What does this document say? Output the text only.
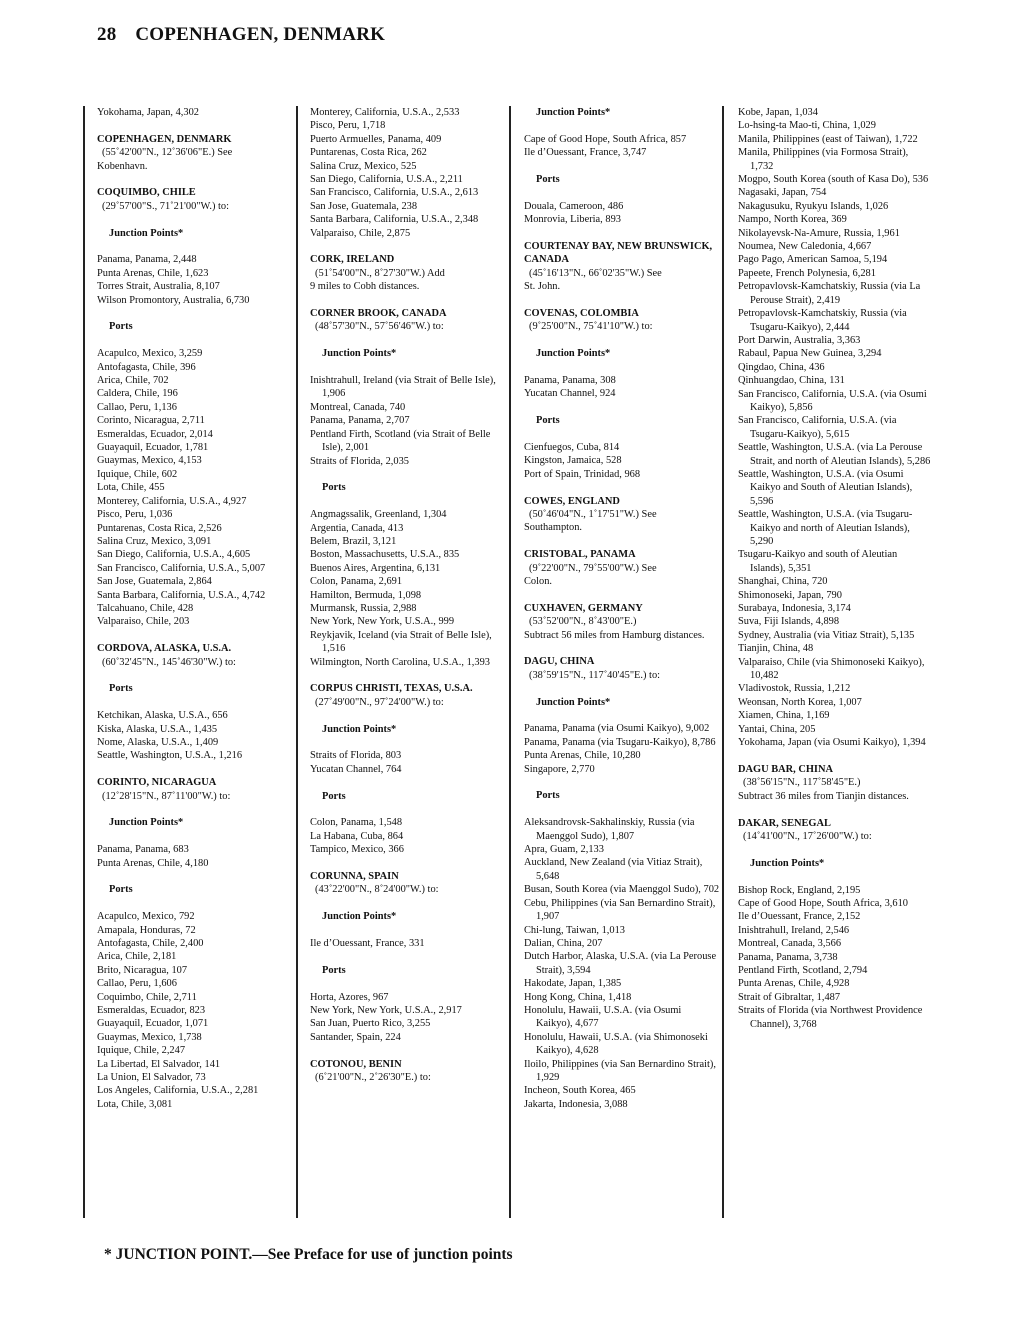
28 COPENHAGEN, DENMARK
Yokohama, Japan, 4,302
COPENHAGEN, DENMARK
(55˚42'00"N., 12˚36'06"E.) See
Kobenhavn.
COQUIMBO, CHILE
(29˚57'00"S., 71˚21'00"W.) to:
Junction Points*
Panama, Panama, 2,448
Punta Arenas, Chile, 1,623
Torres Strait, Australia, 8,107
Wilson Promontory, Australia, 6,730
Ports
Acapulco, Mexico, 3,259
Antofagasta, Chile, 396
Arica, Chile, 702
Caldera, Chile, 196
Callao, Peru, 1,136
Corinto, Nicaragua, 2,711
Esmeraldas, Ecuador, 2,014
Guayaquil, Ecuador, 1,781
Guaymas, Mexico, 4,153
Iquique, Chile, 602
Lota, Chile, 455
Monterey, California, U.S.A., 4,927
Pisco, Peru, 1,036
Puntarenas, Costa Rica, 2,526
Salina Cruz, Mexico, 3,091
San Diego, California, U.S.A., 4,605
San Francisco, California, U.S.A., 5,007
San Jose, Guatemala, 2,864
Santa Barbara, California, U.S.A., 4,742
Talcahuano, Chile, 428
Valparaiso, Chile, 203
CORDOVA, ALASKA, U.S.A.
(60˚32'45"N., 145˚46'30"W.) to:
Ports
Ketchikan, Alaska, U.S.A., 656
Kiska, Alaska, U.S.A., 1,435
Nome, Alaska, U.S.A., 1,409
Seattle, Washington, U.S.A., 1,216
CORINTO, NICARAGUA
(12˚28'15"N., 87˚11'00"W.) to:
Junction Points*
Panama, Panama, 683
Punta Arenas, Chile, 4,180
Ports
Acapulco, Mexico, 792
Amapala, Honduras, 72
Antofagasta, Chile, 2,400
Arica, Chile, 2,181
Brito, Nicaragua, 107
Callao, Peru, 1,606
Coquimbo, Chile, 2,711
Esmeraldas, Ecuador, 823
Guayaquil, Ecuador, 1,071
Guaymas, Mexico, 1,738
Iquique, Chile, 2,247
La Libertad, El Salvador, 141
La Union, El Salvador, 73
Los Angeles, California, U.S.A., 2,281
Lota, Chile, 3,081
Monterey, California, U.S.A., 2,533
Pisco, Peru, 1,718
Puerto Armuelles, Panama, 409
Puntarenas, Costa Rica, 262
Salina Cruz, Mexico, 525
San Diego, California, U.S.A., 2,211
San Francisco, California, U.S.A., 2,613
San Jose, Guatemala, 238
Santa Barbara, California, U.S.A., 2,348
Valparaiso, Chile, 2,875
CORK, IRELAND
(51˚54'00"N., 8˚27'30"W.) Add
9 miles to Cobh distances.
CORNER BROOK, CANADA
(48˚57'30"N., 57˚56'46"W.) to:
Junction Points*
Inishtrahull, Ireland (via Strait of Belle Isle), 1,906
Montreal, Canada, 740
Panama, Panama, 2,707
Pentland Firth, Scotland (via Strait of Belle Isle), 2,001
Straits of Florida, 2,035
Ports
Angmagssalik, Greenland, 1,304
Argentia, Canada, 413
Belem, Brazil, 3,121
Boston, Massachusetts, U.S.A., 835
Buenos Aires, Argentina, 6,131
Colon, Panama, 2,691
Hamilton, Bermuda, 1,098
Murmansk, Russia, 2,988
New York, New York, U.S.A., 999
Reykjavik, Iceland (via Strait of Belle Isle), 1,516
Wilmington, North Carolina, U.S.A., 1,393
CORPUS CHRISTI, TEXAS, U.S.A.
(27˚49'00"N., 97˚24'00"W.) to:
Junction Points*
Straits of Florida, 803
Yucatan Channel, 764
Ports
Colon, Panama, 1,548
La Habana, Cuba, 864
Tampico, Mexico, 366
CORUNNA, SPAIN
(43˚22'00"N., 8˚24'00"W.) to:
Junction Points*
Ile d’Ouessant, France, 331
Ports
Horta, Azores, 967
New York, New York, U.S.A., 2,917
San Juan, Puerto Rico, 3,255
Santander, Spain, 224
COTONOU, BENIN
(6˚21'00"N., 2˚26'30"E.) to:
Junction Points*
Cape of Good Hope, South Africa, 857
Ile d’Ouessant, France, 3,747
Ports
Douala, Cameroon, 486
Monrovia, Liberia, 893
COURTENAY BAY, NEW BRUNSWICK, CANADA
(45˚16'13"N., 66˚02'35"W.) See
St. John.
COVENAS, COLOMBIA
(9˚25'00"N., 75˚41'10"W.) to:
Junction Points*
Panama, Panama, 308
Yucatan Channel, 924
Ports
Cienfuegos, Cuba, 814
Kingston, Jamaica, 528
Port of Spain, Trinidad, 968
COWES, ENGLAND
(50˚46'04"N., 1˚17'51"W.) See
Southampton.
CRISTOBAL, PANAMA
(9˚22'00"N., 79˚55'00"W.) See
Colon.
CUXHAVEN, GERMANY
(53˚52'00"N., 8˚43'00"E.)
Subtract 56 miles from Hamburg distances.
DAGU, CHINA
(38˚59'15"N., 117˚40'45"E.) to:
Junction Points*
Panama, Panama (via Osumi Kaikyo), 9,002
Panama, Panama (via Tsugaru-Kaikyo), 8,786
Punta Arenas, Chile, 10,280
Singapore, 2,770
Ports
Aleksandrovsk-Sakhalinskiy, Russia (via Maenggol Sudo), 1,807
Apra, Guam, 2,133
Auckland, New Zealand (via Vitiaz Strait), 5,648
Busan, South Korea (via Maenggol Sudo), 702
Cebu, Philippines (via San Bernardino Strait), 1,907
Chi-lung, Taiwan, 1,013
Dalian, China, 207
Dutch Harbor, Alaska, U.S.A. (via La Perouse Strait), 3,594
Hakodate, Japan, 1,385
Hong Kong, China, 1,418
Honolulu, Hawaii, U.S.A. (via Osumi Kaikyo), 4,677
Honolulu, Hawaii, U.S.A. (via Shimonoseki Kaikyo), 4,628
Iloilo, Philippines (via San Bernardino Strait), 1,929
Incheon, South Korea, 465
Jakarta, Indonesia, 3,088
Kobe, Japan, 1,034
Lo-hsing-ta Mao-ti, China, 1,029
Manila, Philippines (east of Taiwan), 1,722
Manila, Philippines (via Formosa Strait), 1,732
Mogpo, South Korea (south of Kasa Do), 536
Nagasaki, Japan, 754
Nakagusuku, Ryukyu Islands, 1,026
Nampo, North Korea, 369
Nikolayevsk-Na-Amure, Russia, 1,961
Noumea, New Caledonia, 4,667
Pago Pago, American Samoa, 5,194
Papeete, French Polynesia, 6,281
Petropavlovsk-Kamchatskiy, Russia (via La Perouse Strait), 2,419
Petropavlovsk-Kamchatskiy, Russia (via Tsugaru-Kaikyo), 2,444
Port Darwin, Australia, 3,363
Rabaul, Papua New Guinea, 3,294
Qingdao, China, 436
Qinhuangdao, China, 131
San Francisco, California, U.S.A. (via Osumi Kaikyo), 5,856
San Francisco, California, U.S.A. (via Tsugaru-Kaikyo), 5,615
Seattle, Washington, U.S.A. (via La Perouse Strait, and north of Aleutian Islands), 5,286
Seattle, Washington, U.S.A. (via Osumi Kaikyo and South of Aleutian Islands), 5,596
Seattle, Washington, U.S.A. (via Tsugaru-Kaikyo and north of Aleutian Islands), 5,290
Tsugaru-Kaikyo and south of Aleutian Islands), 5,351
Shanghai, China, 720
Shimonoseki, Japan, 790
Surabaya, Indonesia, 3,174
Suva, Fiji Islands, 4,898
Sydney, Australia (via Vitiaz Strait), 5,135
Tianjin, China, 48
Valparaiso, Chile (via Shimonoseki Kaikyo), 10,482
Vladivostok, Russia, 1,212
Weonsan, North Korea, 1,007
Xiamen, China, 1,169
Yantai, China, 205
Yokohama, Japan (via Osumi Kaikyo), 1,394
DAGU BAR, CHINA
(38˚56'15"N., 117˚58'45"E.)
Subtract 36 miles from Tianjin distances.
DAKAR, SENEGAL
(14˚41'00"N., 17˚26'00"W.) to:
Junction Points*
Bishop Rock, England, 2,195
Cape of Good Hope, South Africa, 3,610
Ile d’Ouessant, France, 2,152
Inishtrahull, Ireland, 2,546
Montreal, Canada, 3,566
Panama, Panama, 3,738
Pentland Firth, Scotland, 2,794
Punta Arenas, Chile, 4,928
Strait of Gibraltar, 1,487
Straits of Florida (via Northwest Providence Channel), 3,768
* JUNCTION POINT.—See Preface for use of junction points
